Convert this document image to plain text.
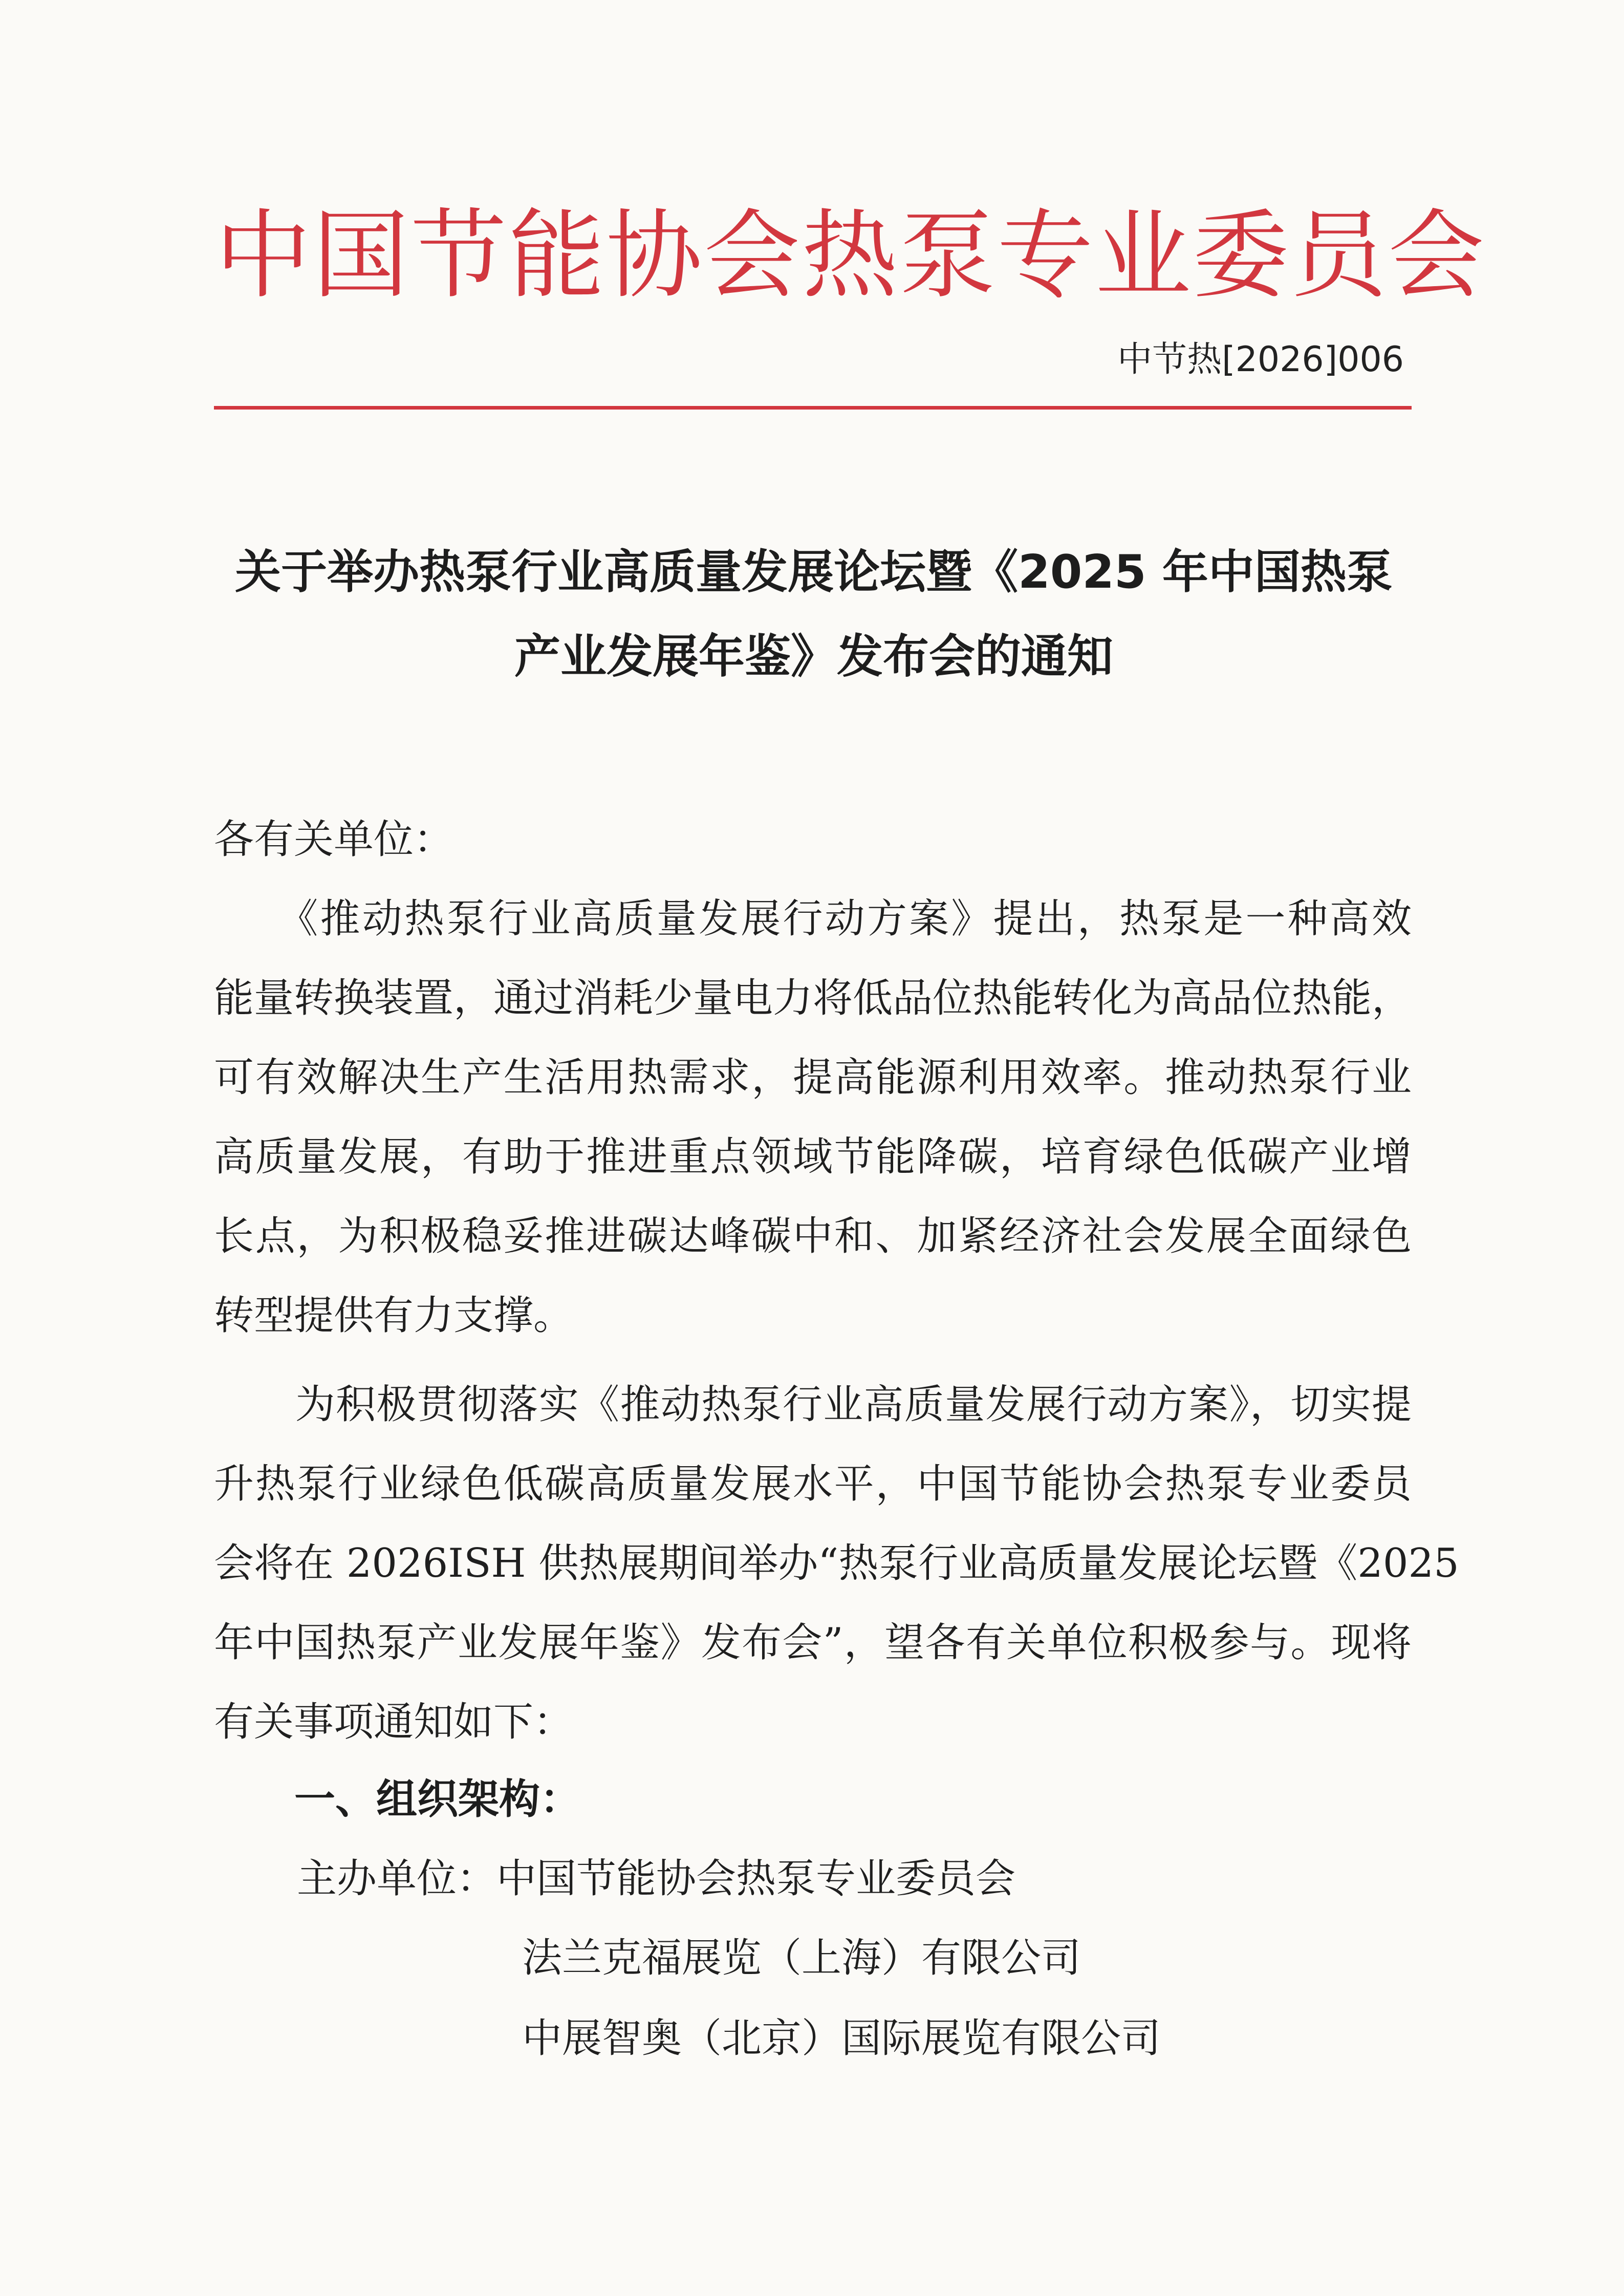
中国节能协会热泵专业委员会
中节热[2026]006
关于举办热泵行业高质量发展论坛暨《2025 年中国热泵
产业发展年鉴》发布会的通知
各有关单位：
　　《推动热泵行业高质量发展行动方案》提出，热泵是一种高效
能量转换装置，通过消耗少量电力将低品位热能转化为高品位热能，
可有效解决生产生活用热需求，提高能源利用效率。推动热泵行业
高质量发展，有助于推进重点领域节能降碳，培育绿色低碳产业增
长点，为积极稳妥推进碳达峰碳中和、加紧经济社会发展全面绿色
转型提供有力支撑。
　　为积极贯彻落实《推动热泵行业高质量发展行动方案》，切实提
升热泵行业绿色低碳高质量发展水平，中国节能协会热泵专业委员
会将在 2026ISH 供热展期间举办“热泵行业高质量发展论坛暨《2025
年中国热泵产业发展年鉴》发布会”，望各有关单位积极参与。现将
有关事项通知如下：
一、组织架构：
主办单位：中国节能协会热泵专业委员会
法兰克福展览（上海）有限公司
中展智奥（北京）国际展览有限公司
